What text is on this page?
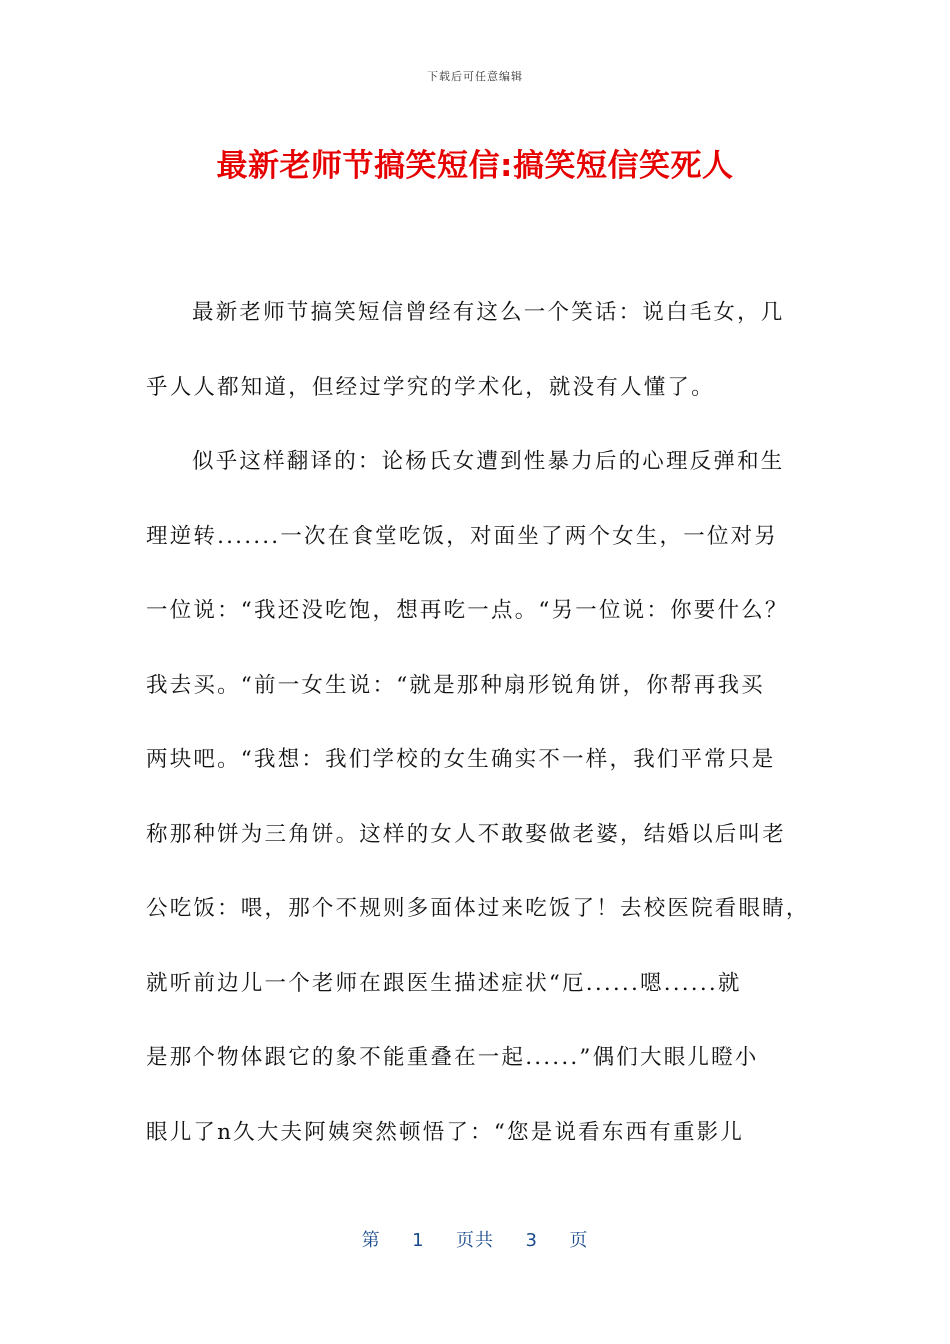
下载后可任意编辑
最新老师节搞笑短信:搞笑短信笑死人
最新老师节搞笑短信曾经有这么一个笑话：说白毛女，几
乎人人都知道，但经过学究的学术化，就没有人懂了。
似乎这样翻译的：论杨氏女遭到性暴力后的心理反弹和生
理逆转.......一次在食堂吃饭，对面坐了两个女生，一位对另
一位说：“我还没吃饱，想再吃一点。“另一位说：你要什么？
我去买。“前一女生说：“就是那种扇形锐角饼，你帮再我买
两块吧。“我想：我们学校的女生确实不一样，我们平常只是
称那种饼为三角饼。这样的女人不敢娶做老婆，结婚以后叫老
公吃饭：喂，那个不规则多面体过来吃饭了！去校医院看眼睛，
就听前边儿一个老师在跟医生描述症状“厄......嗯......就
是那个物体跟它的象不能重叠在一起......”偶们大眼儿瞪小
眼儿了n久大夫阿姨突然顿悟了：“您是说看东西有重影儿
第 1 页共 3 页
